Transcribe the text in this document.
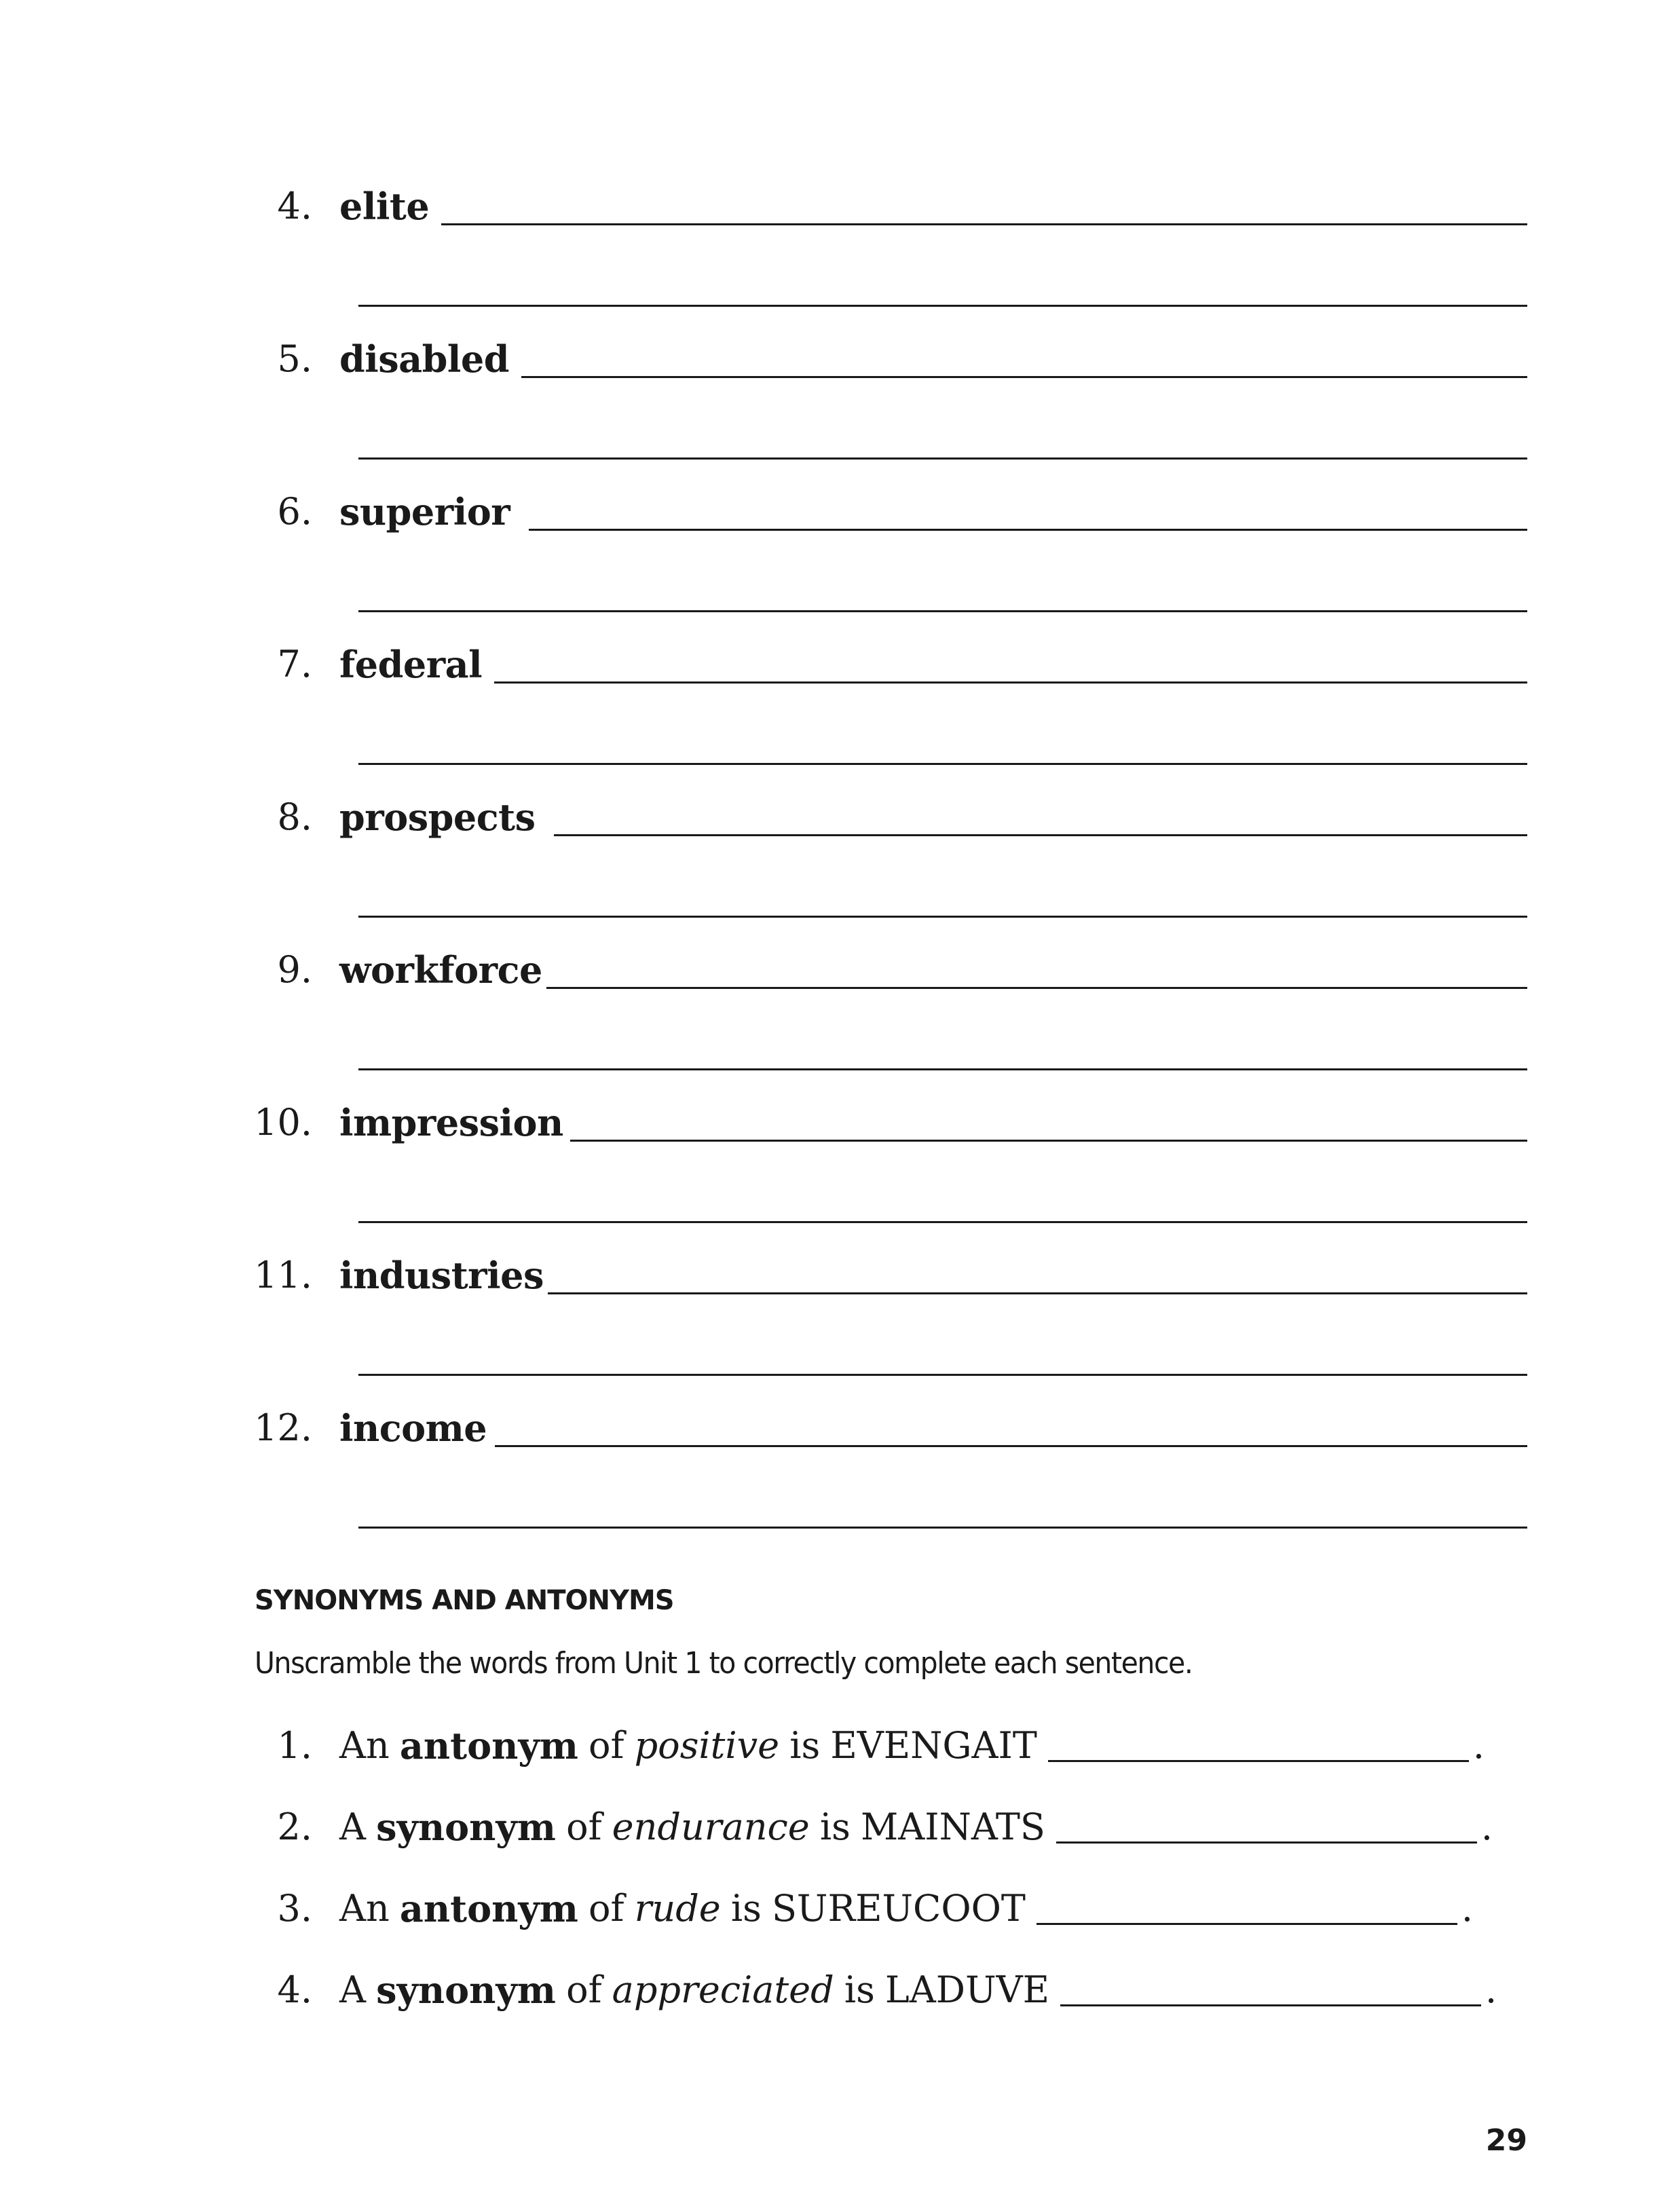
4. elite
5. disabled
6. superior
7. federal
8. prospects
9. workforce
10. impression
11. industries
12. income
SYNONYMS AND ANTONYMS
Unscramble the words from Unit 1 to correctly complete each sentence.
1. An antonym of positive is EVENGAIT	.
2. A synonym of endurance is MAINATS	.
3. An antonym of rude is SUREUCOOT	.
4. A synonym of appreciated is LADUVE	.
29
